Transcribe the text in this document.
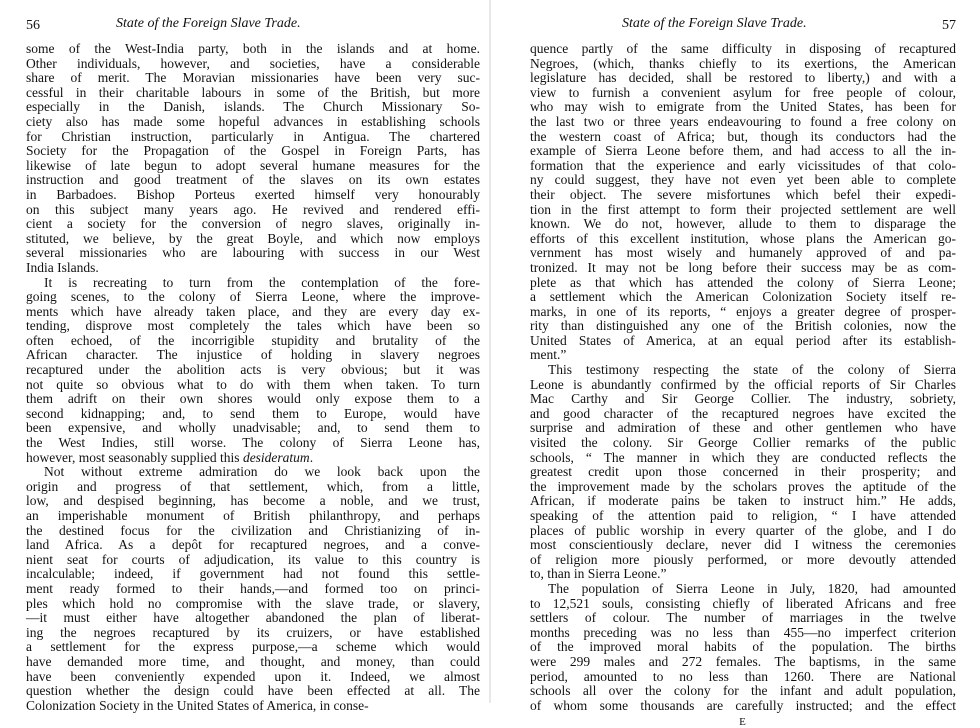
56	State of the Foreign Slave Trade.
some of the West-India party, both in the islands and at home.
Other individuals, however, and societies, have a considerable
share of merit. The Moravian missionaries have been very suc-
cessful in their charitable labours in some of the British, but more
especially in the Danish, islands. The Church Missionary So-
ciety also has made some hopeful advances in establishing schools
for Christian instruction, particularly in Antigua. The chartered
Society for the Propagation of the Gospel in Foreign Parts, has
likewise of late begun to adopt several humane measures for the
instruction and good treatment of the slaves on its own estates
in Barbadoes. Bishop Porteus exerted himself very honourably
on this subject many years ago. He revived and rendered effi-
cient a society for the conversion of negro slaves, originally in-
stituted, we believe, by the great Boyle, and which now employs
several missionaries who are labouring with success in our West
India Islands.
It is recreating to turn from the contemplation of the fore-
going scenes, to the colony of Sierra Leone, where the improve-
ments which have already taken place, and they are every day ex-
tending, disprove most completely the tales which have been so
often echoed, of the incorrigible stupidity and brutality of the
African character. The injustice of holding in slavery negroes
recaptured under the abolition acts is very obvious; but it was
not quite so obvious what to do with them when taken. To turn
them adrift on their own shores would only expose them to a
second kidnapping; and, to send them to Europe, would have
been expensive, and wholly unadvisable; and, to send them to
the West Indies, still worse. The colony of Sierra Leone has,
however, most seasonably supplied this desideratum.
Not without extreme admiration do we look back upon the
origin and progress of that settlement, which, from a little,
low, and despised beginning, has become a noble, and we trust,
an imperishable monument of British philanthropy, and perhaps
the destined focus for the civilization and Christianizing of in-
land Africa. As a depôt for recaptured negroes, and a conve-
nient seat for courts of adjudication, its value to this country is
incalculable; indeed, if government had not found this settle-
ment ready formed to their hands,—and formed too on princi-
ples which hold no compromise with the slave trade, or slavery,
—it must either have altogether abandoned the plan of liberat-
ing the negroes recaptured by its cruizers, or have established
a settlement for the express purpose,—a scheme which would
have demanded more time, and thought, and money, than could
have been conveniently expended upon it. Indeed, we almost
question whether the design could have been effected at all. The
Colonization Society in the United States of America, in conse-
State of the Foreign Slave Trade.	57
quence partly of the same difficulty in disposing of recaptured
Negroes, (which, thanks chiefly to its exertions, the American
legislature has decided, shall be restored to liberty,) and with a
view to furnish a convenient asylum for free people of colour,
who may wish to emigrate from the United States, has been for
the last two or three years endeavouring to found a free colony on
the western coast of Africa; but, though its conductors had the
example of Sierra Leone before them, and had access to all the in-
formation that the experience and early vicissitudes of that colo-
ny could suggest, they have not even yet been able to complete
their object. The severe misfortunes which befel their expedi-
tion in the first attempt to form their projected settlement are well
known. We do not, however, allude to them to disparage the
efforts of this excellent institution, whose plans the American go-
vernment has most wisely and humanely approved of and pa-
tronized. It may not be long before their success may be as com-
plete as that which has attended the colony of Sierra Leone;
a settlement which the American Colonization Society itself re-
marks, in one of its reports, “ enjoys a greater degree of prosper-
rity than distinguished any one of the British colonies, now the
United States of America, at an equal period after its establish-
ment.”
This testimony respecting the state of the colony of Sierra
Leone is abundantly confirmed by the official reports of Sir Charles
Mac Carthy and Sir George Collier. The industry, sobriety,
and good character of the recaptured negroes have excited the
surprise and admiration of these and other gentlemen who have
visited the colony. Sir George Collier remarks of the public
schools, “ The manner in which they are conducted reflects the
greatest credit upon those concerned in their prosperity; and
the improvement made by the scholars proves the aptitude of the
African, if moderate pains be taken to instruct him.” He adds,
speaking of the attention paid to religion, “ I have attended
places of public worship in every quarter of the globe, and I do
most conscientiously declare, never did I witness the ceremonies
of religion more piously performed, or more devoutly attended
to, than in Sierra Leone.”
The population of Sierra Leone in July, 1820, had amounted
to 12,521 souls, consisting chiefly of liberated Africans and free
settlers of colour. The number of marriages in the twelve
months preceding was no less than 455—no imperfect criterion
of the improved moral habits of the population. The births
were 299 males and 272 females. The baptisms, in the same
period, amounted to no less than 1260. There are National
schools all over the colony for the infant and adult population,
of whom some thousands are carefully instructed; and the effect
E
